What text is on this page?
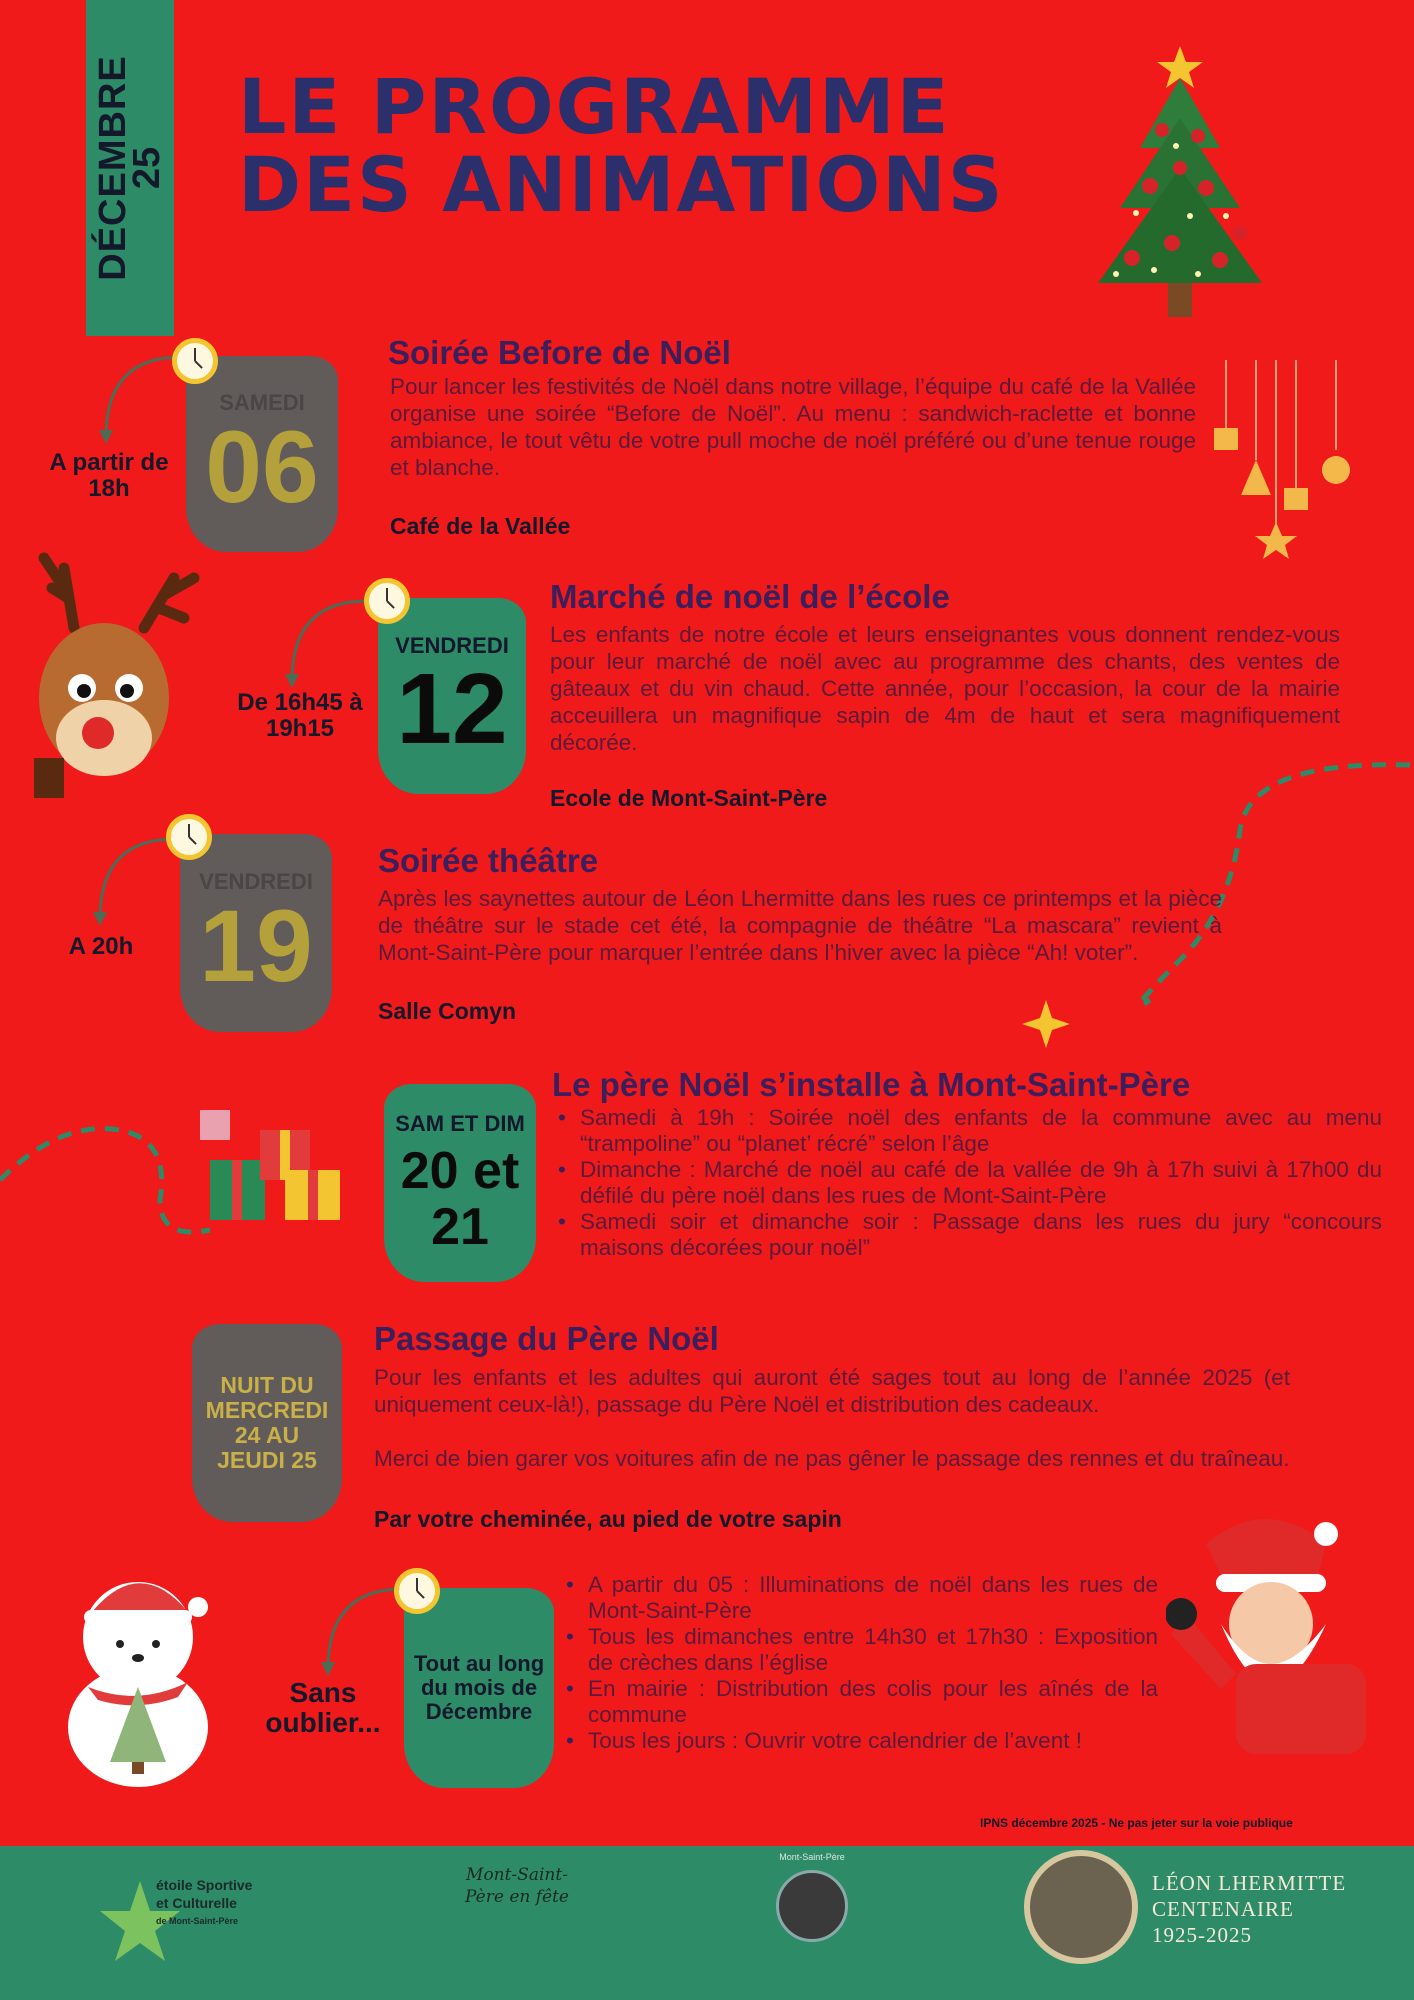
DÉCEMBRE
25
LE PROGRAMME
DES ANIMATIONS
A partir de 18h
SAMEDI
06
Soirée Before de Noël
Pour lancer les festivités de Noël dans notre village, l’équipe du café de la Vallée organise une soirée “Before de Noël”. Au menu : sandwich-raclette et bonne ambiance, le tout vêtu de votre pull moche de noël préféré ou d’une tenue rouge et blanche.
Café de la Vallée
De 16h45 à 19h15
VENDREDI
12
Marché de noël de l’école
Les enfants de notre école et leurs enseignantes vous donnent rendez-vous pour leur marché de noël avec au programme des chants, des ventes de gâteaux et du vin chaud. Cette année, pour l’occasion, la cour de la mairie acceuillera un magnifique sapin de 4m de haut et sera magnifiquement décorée.
Ecole de Mont-Saint-Père
A 20h
VENDREDI
19
Soirée théâtre
Après les saynettes autour de Léon Lhermitte dans les rues ce printemps et la pièce de théâtre sur le stade cet été, la compagnie de théâtre “La mascara” revient à Mont-Saint-Père pour marquer l’entrée dans l’hiver avec la pièce “Ah! voter”.
Salle Comyn
SAM ET DIM
20 et 21
Le père Noël s’installe à Mont-Saint-Père
• Samedi à 19h : Soirée noël des enfants de la commune avec au menu “trampoline” ou “planet’ récré” selon l’âge
• Dimanche : Marché de noël au café de la vallée de 9h à 17h suivi à 17h00 du défilé du père noël dans les rues de Mont-Saint-Père
• Samedi soir et dimanche soir : Passage dans les rues du jury “concours maisons décorées pour noël”
NUIT DU MERCREDI 24 AU JEUDI 25
Passage du Père Noël
Pour les enfants et les adultes qui auront été sages tout au long de l’année 2025 (et uniquement ceux-là!), passage du Père Noël et distribution des cadeaux.
Merci de bien garer vos voitures afin de ne pas gêner le passage des rennes et du traîneau.
Par votre cheminée, au pied de votre sapin
Sans oublier...
Tout au long du mois de Décembre
• A partir du 05 : Illuminations de noël dans les rues de Mont-Saint-Père
• Tous les dimanches entre 14h30 et 17h30 : Exposition de crèches dans l’église
• En mairie : Distribution des colis pour les aînés de la commune
• Tous les jours : Ouvrir votre calendrier de l’avent !
IPNS décembre 2025 - Ne pas jeter sur la voie publique
étoile Sportive
et Culturelle
de Mont-Saint-Père
Mont-Saint-Père en fête
Mont-Saint-Père
LÉON LHERMITTE
CENTENAIRE
1925-2025
